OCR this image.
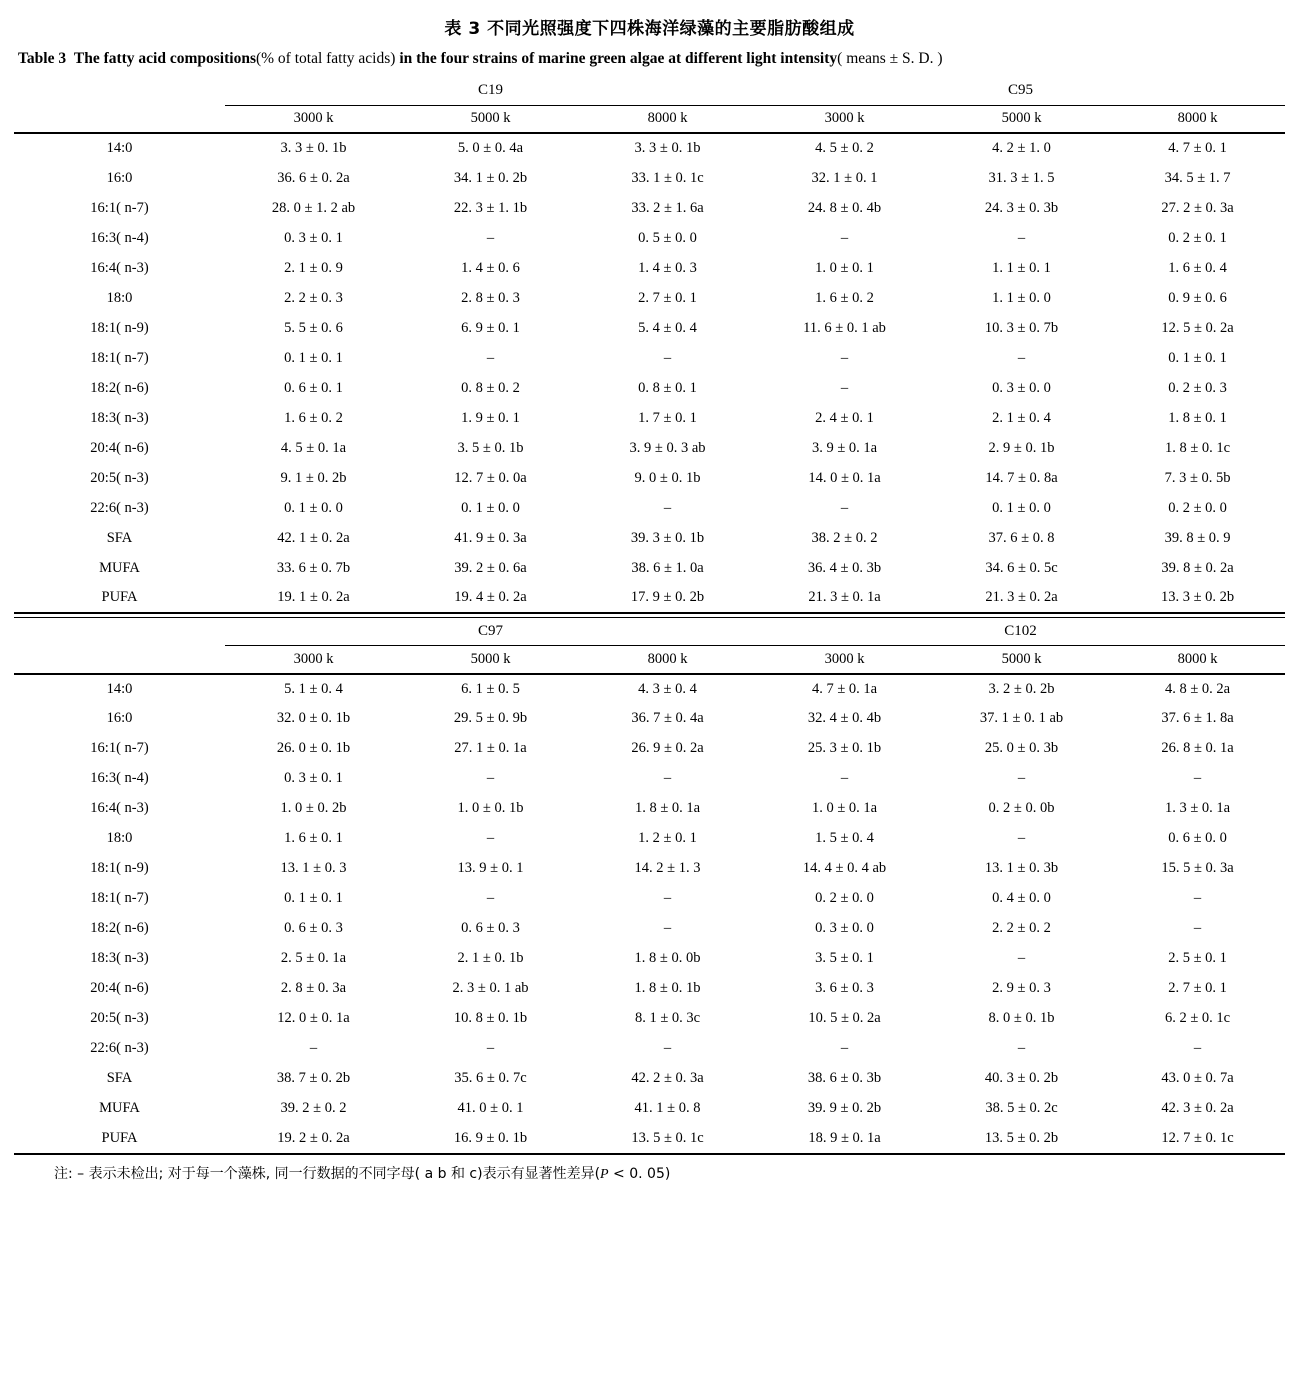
表 3 不同光照强度下四株海洋绿藻的主要脂肪酸组成
Table 3 The fatty acid compositions(% of total fatty acids) in the four strains of marine green algae at different light intensity( means ± S. D. )
	C19			C95		
	3000 k	5000 k	8000 k	3000 k	5000 k	8000 k
14:0	3. 3 ± 0. 1b	5. 0 ± 0. 4a	3. 3 ± 0. 1b	4. 5 ± 0. 2	4. 2 ± 1. 0	4. 7 ± 0. 1
16:0	36. 6 ± 0. 2a	34. 1 ± 0. 2b	33. 1 ± 0. 1c	32. 1 ± 0. 1	31. 3 ± 1. 5	34. 5 ± 1. 7
16:1( n-7)	28. 0 ± 1. 2 ab	22. 3 ± 1. 1b	33. 2 ± 1. 6a	24. 8 ± 0. 4b	24. 3 ± 0. 3b	27. 2 ± 0. 3a
16:3( n-4)	0. 3 ± 0. 1	–	0. 5 ± 0. 0	–	–	0. 2 ± 0. 1
16:4( n-3)	2. 1 ± 0. 9	1. 4 ± 0. 6	1. 4 ± 0. 3	1. 0 ± 0. 1	1. 1 ± 0. 1	1. 6 ± 0. 4
18:0	2. 2 ± 0. 3	2. 8 ± 0. 3	2. 7 ± 0. 1	1. 6 ± 0. 2	1. 1 ± 0. 0	0. 9 ± 0. 6
18:1( n-9)	5. 5 ± 0. 6	6. 9 ± 0. 1	5. 4 ± 0. 4	11. 6 ± 0. 1 ab	10. 3 ± 0. 7b	12. 5 ± 0. 2a
18:1( n-7)	0. 1 ± 0. 1	–	–	–	–	0. 1 ± 0. 1
18:2( n-6)	0. 6 ± 0. 1	0. 8 ± 0. 2	0. 8 ± 0. 1	–	0. 3 ± 0. 0	0. 2 ± 0. 3
18:3( n-3)	1. 6 ± 0. 2	1. 9 ± 0. 1	1. 7 ± 0. 1	2. 4 ± 0. 1	2. 1 ± 0. 4	1. 8 ± 0. 1
20:4( n-6)	4. 5 ± 0. 1a	3. 5 ± 0. 1b	3. 9 ± 0. 3 ab	3. 9 ± 0. 1a	2. 9 ± 0. 1b	1. 8 ± 0. 1c
20:5( n-3)	9. 1 ± 0. 2b	12. 7 ± 0. 0a	9. 0 ± 0. 1b	14. 0 ± 0. 1a	14. 7 ± 0. 8a	7. 3 ± 0. 5b
22:6( n-3)	0. 1 ± 0. 0	0. 1 ± 0. 0	–	–	0. 1 ± 0. 0	0. 2 ± 0. 0
SFA	42. 1 ± 0. 2a	41. 9 ± 0. 3a	39. 3 ± 0. 1b	38. 2 ± 0. 2	37. 6 ± 0. 8	39. 8 ± 0. 9
MUFA	33. 6 ± 0. 7b	39. 2 ± 0. 6a	38. 6 ± 1. 0a	36. 4 ± 0. 3b	34. 6 ± 0. 5c	39. 8 ± 0. 2a
PUFA	19. 1 ± 0. 2a	19. 4 ± 0. 2a	17. 9 ± 0. 2b	21. 3 ± 0. 1a	21. 3 ± 0. 2a	13. 3 ± 0. 2b
	C97			C102		
	3000 k	5000 k	8000 k	3000 k	5000 k	8000 k
14:0	5. 1 ± 0. 4	6. 1 ± 0. 5	4. 3 ± 0. 4	4. 7 ± 0. 1a	3. 2 ± 0. 2b	4. 8 ± 0. 2a
16:0	32. 0 ± 0. 1b	29. 5 ± 0. 9b	36. 7 ± 0. 4a	32. 4 ± 0. 4b	37. 1 ± 0. 1 ab	37. 6 ± 1. 8a
16:1( n-7)	26. 0 ± 0. 1b	27. 1 ± 0. 1a	26. 9 ± 0. 2a	25. 3 ± 0. 1b	25. 0 ± 0. 3b	26. 8 ± 0. 1a
16:3( n-4)	0. 3 ± 0. 1	–	–	–	–	–
16:4( n-3)	1. 0 ± 0. 2b	1. 0 ± 0. 1b	1. 8 ± 0. 1a	1. 0 ± 0. 1a	0. 2 ± 0. 0b	1. 3 ± 0. 1a
18:0	1. 6 ± 0. 1	–	1. 2 ± 0. 1	1. 5 ± 0. 4	–	0. 6 ± 0. 0
18:1( n-9)	13. 1 ± 0. 3	13. 9 ± 0. 1	14. 2 ± 1. 3	14. 4 ± 0. 4 ab	13. 1 ± 0. 3b	15. 5 ± 0. 3a
18:1( n-7)	0. 1 ± 0. 1	–	–	0. 2 ± 0. 0	0. 4 ± 0. 0	–
18:2( n-6)	0. 6 ± 0. 3	0. 6 ± 0. 3	–	0. 3 ± 0. 0	2. 2 ± 0. 2	–
18:3( n-3)	2. 5 ± 0. 1a	2. 1 ± 0. 1b	1. 8 ± 0. 0b	3. 5 ± 0. 1	–	2. 5 ± 0. 1
20:4( n-6)	2. 8 ± 0. 3a	2. 3 ± 0. 1 ab	1. 8 ± 0. 1b	3. 6 ± 0. 3	2. 9 ± 0. 3	2. 7 ± 0. 1
20:5( n-3)	12. 0 ± 0. 1a	10. 8 ± 0. 1b	8. 1 ± 0. 3c	10. 5 ± 0. 2a	8. 0 ± 0. 1b	6. 2 ± 0. 1c
22:6( n-3)	–	–	–	–	–	–
SFA	38. 7 ± 0. 2b	35. 6 ± 0. 7c	42. 2 ± 0. 3a	38. 6 ± 0. 3b	40. 3 ± 0. 2b	43. 0 ± 0. 7a
MUFA	39. 2 ± 0. 2	41. 0 ± 0. 1	41. 1 ± 0. 8	39. 9 ± 0. 2b	38. 5 ± 0. 2c	42. 3 ± 0. 2a
PUFA	19. 2 ± 0. 2a	16. 9 ± 0. 1b	13. 5 ± 0. 1c	18. 9 ± 0. 1a	13. 5 ± 0. 2b	12. 7 ± 0. 1c
注: – 表示未检出; 对于每一个藻株, 同一行数据的不同字母( a b 和 c)表示有显著性差异(P < 0. 05)
